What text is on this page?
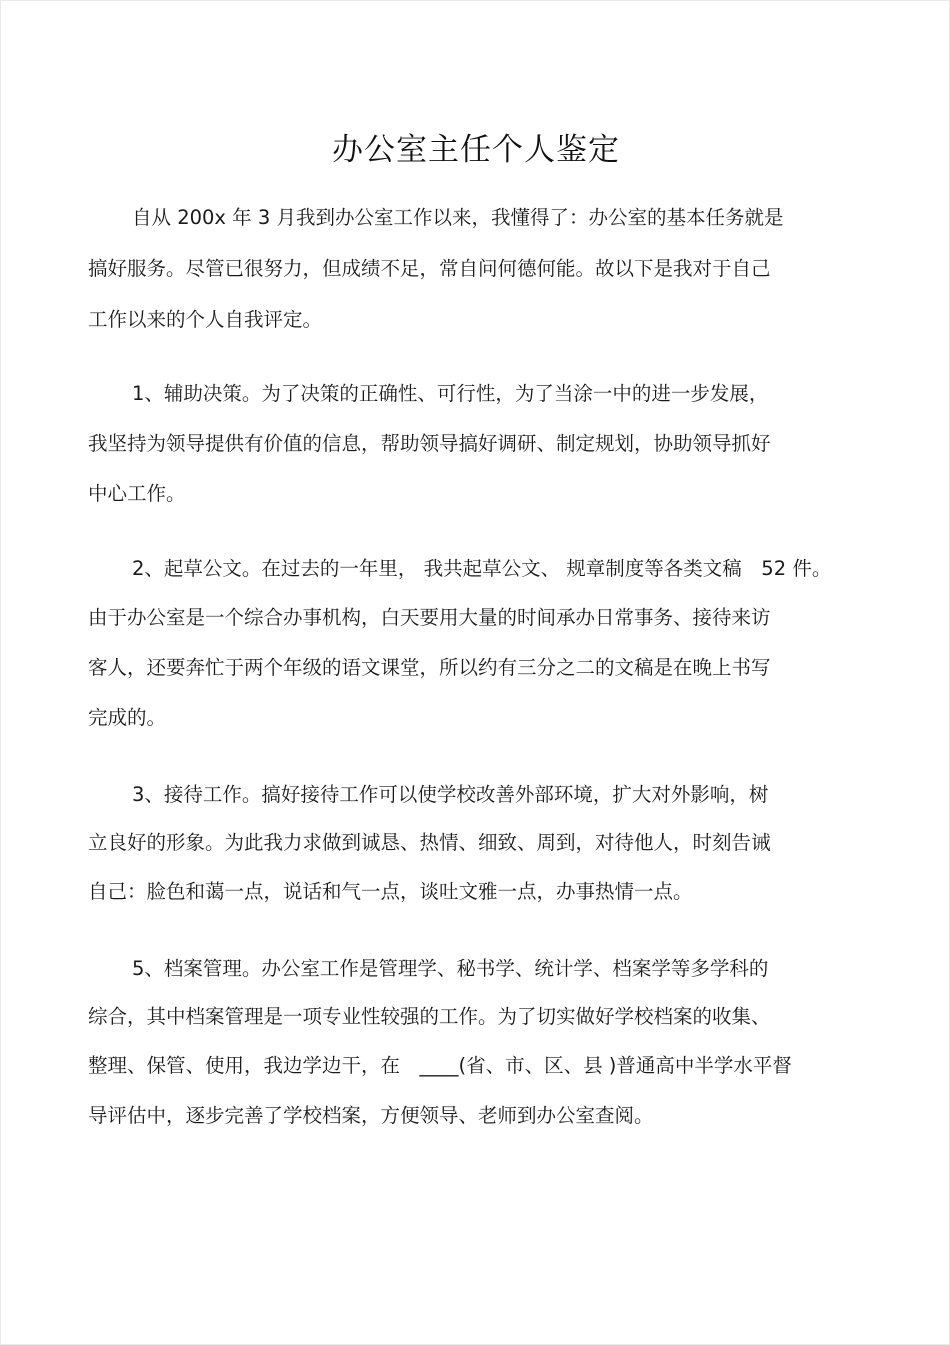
办公室主任个人鉴定
自从 200x 年 3 月我到办公室工作以来，我懂得了：办公室的基本任务就是
搞好服务。尽管已很努力，但成绩不足，常自问何德何能。故以下是我对于自己
工作以来的个人自我评定。
1、辅助决策。为了决策的正确性、可行性，为了当涂一中的进一步发展，
我坚持为领导提供有价值的信息，帮助领导搞好调研、制定规划，协助领导抓好
中心工作。
2、起草公文。在过去的一年里， 我共起草公文、 规章制度等各类文稿　52 件。
由于办公室是一个综合办事机构，白天要用大量的时间承办日常事务、接待来访
客人，还要奔忙于两个年级的语文课堂，所以约有三分之二的文稿是在晚上书写
完成的。
3、接待工作。搞好接待工作可以使学校改善外部环境，扩大对外影响，树
立良好的形象。为此我力求做到诚恳、热情、细致、周到，对待他人，时刻告诫
自己：脸色和蔼一点，说话和气一点，谈吐文雅一点，办事热情一点。
5、档案管理。办公室工作是管理学、秘书学、统计学、档案学等多学科的
综合，其中档案管理是一项专业性较强的工作。为了切实做好学校档案的收集、
整理、保管、使用，我边学边干，在　____(省、市、区、县 )普通高中半学水平督
导评估中，逐步完善了学校档案，方便领导、老师到办公室查阅。
